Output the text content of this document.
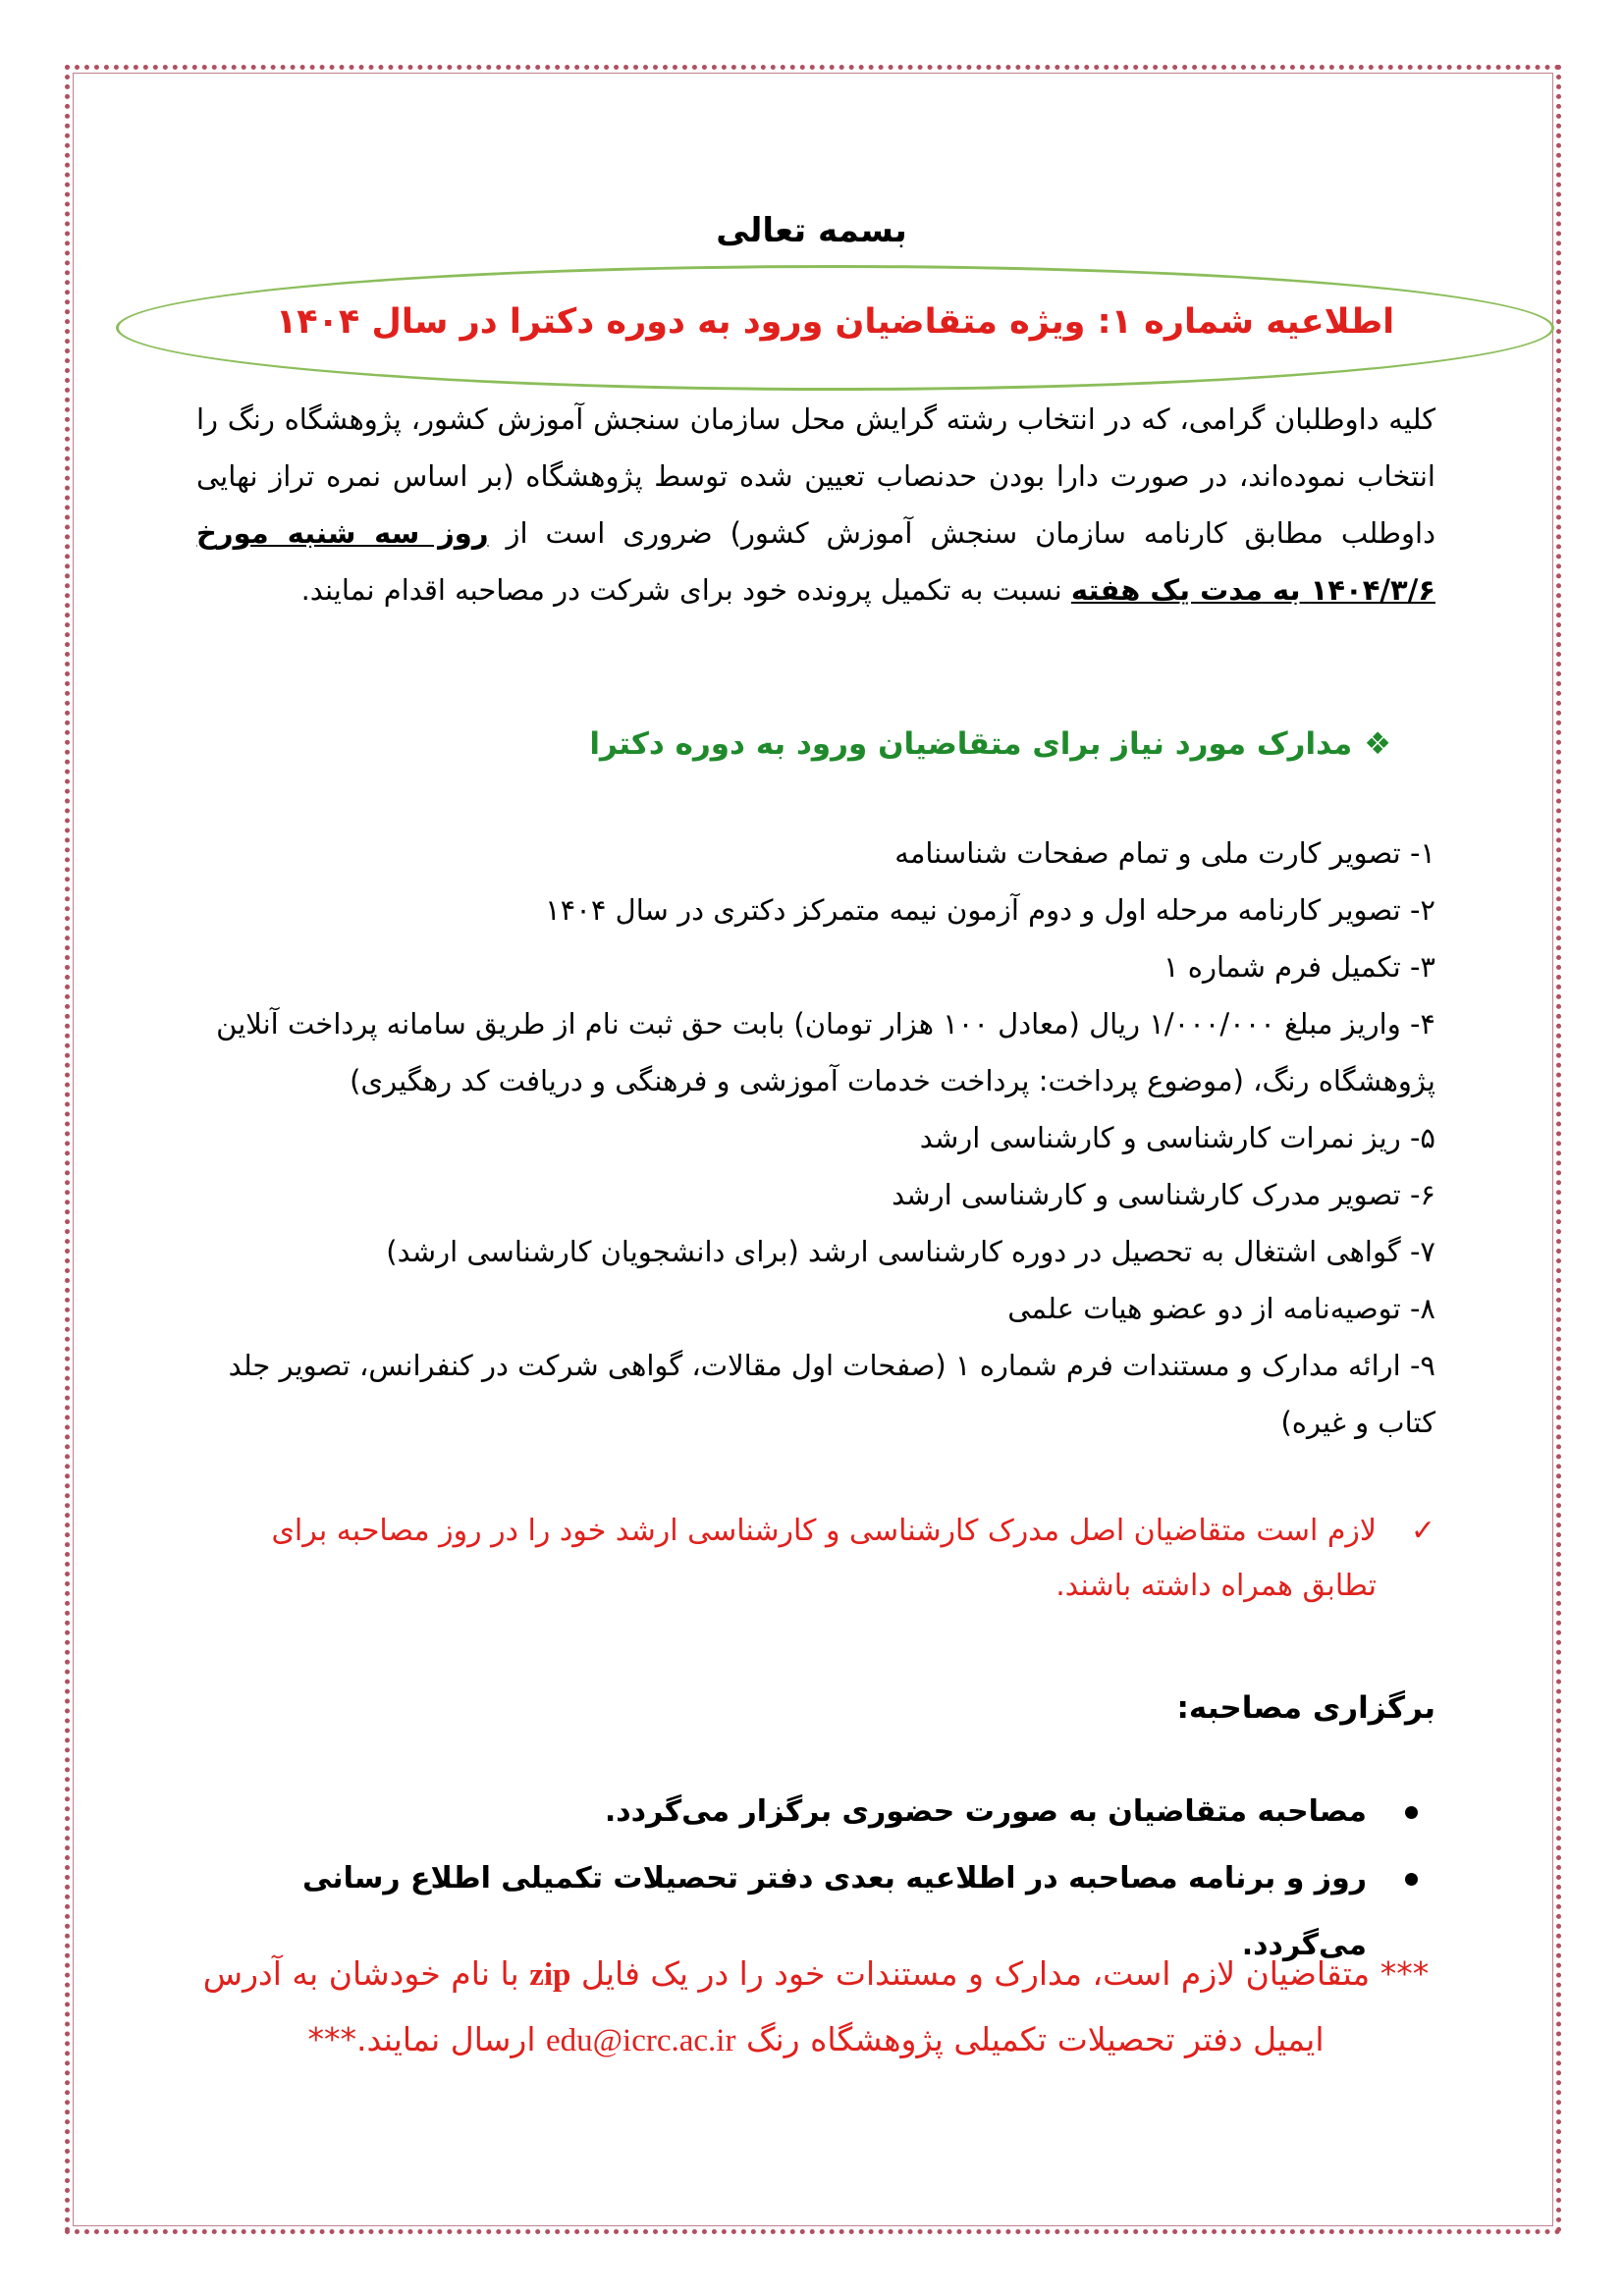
بسمه تعالی
اطلاعیه شماره ۱: ویژه متقاضیان ورود به دوره دکترا در سال ۱۴۰۴
کلیه داوطلبان گرامی، که در انتخاب رشته گرایش محل سازمان سنجش آموزش کشور، پژوهشگاه رنگ را انتخاب نموده‌اند، در صورت دارا بودن حدنصاب تعیین شده توسط پژوهشگاه (بر اساس نمره تراز نهایی داوطلب مطابق کارنامه سازمان سنجش آموزش کشور) ضروری است از روز سه شنبه مورخ ۱۴۰۴/۳/۶ به مدت یک هفته نسبت به تکمیل پرونده خود برای شرکت در مصاحبه اقدام نمایند.
❖مدارک مورد نیاز برای متقاضیان ورود به دوره دکترا
۱- تصویر کارت ملی و تمام صفحات شناسنامه
۲- تصویر کارنامه مرحله اول و دوم آزمون نیمه متمرکز دکتری در سال ۱۴۰۴
۳- تکمیل فرم شماره ۱
۴- واریز مبلغ ۱/۰۰۰/۰۰۰ ریال (معادل ۱۰۰ هزار تومان) بابت حق ثبت نام از طریق سامانه پرداخت آنلاین پژوهشگاه رنگ، (موضوع پرداخت: پرداخت خدمات آموزشی و فرهنگی و دریافت کد رهگیری)
۵- ریز نمرات کارشناسی و کارشناسی ارشد
۶- تصویر مدرک کارشناسی و کارشناسی ارشد
۷- گواهی اشتغال به تحصیل در دوره کارشناسی ارشد (برای دانشجویان کارشناسی ارشد)
۸- توصیه‌نامه از دو عضو هیات علمی
۹- ارائه مدارک و مستندات فرم شماره ۱ (صفحات اول مقالات، گواهی شرکت در کنفرانس، تصویر جلد کتاب و غیره)
✓لازم است متقاضیان اصل مدرک کارشناسی و کارشناسی ارشد خود را در روز مصاحبه برای تطابق همراه داشته باشند.
برگزاری مصاحبه:
مصاحبه متقاضیان به صورت حضوری برگزار می‌گردد.
روز و برنامه مصاحبه در اطلاعیه بعدی دفتر تحصیلات تکمیلی اطلاع رسانی می‌گردد.
*** متقاضیان لازم است، مدارک و مستندات خود را در یک فایل zip با نام خودشان به آدرس ایمیل دفتر تحصیلات تکمیلی پژوهشگاه رنگ edu@icrc.ac.ir ارسال نمایند.***
